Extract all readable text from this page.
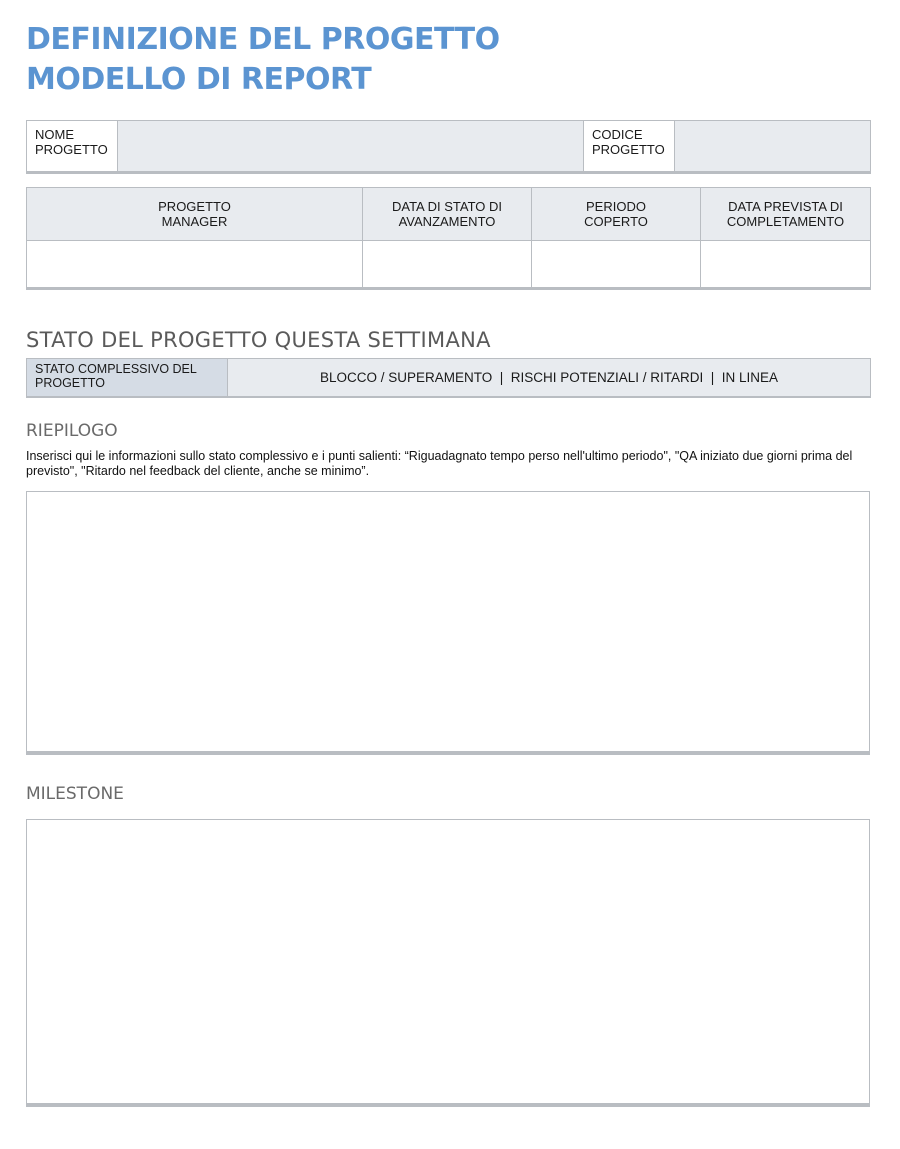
DEFINIZIONE DEL PROGETTO
MODELLO DI REPORT
NOME PROGETTO		CODICE PROGETTO	
PROGETTO MANAGER	DATA DI STATO DI AVANZAMENTO	PERIODO COPERTO	DATA PREVISTA DI COMPLETAMENTO

STATO DEL PROGETTO QUESTA SETTIMANA
STATO COMPLESSIVO DEL PROGETTO	BLOCCO / SUPERAMENTO  |  RISCHI POTENZIALI / RITARDI  |  IN LINEA
RIEPILOGO

Inserisci qui le informazioni sullo stato complessivo e i punti salienti: “Riguadagnato tempo perso nell'ultimo periodo", "QA iniziato due giorni prima del previsto", "Ritardo nel feedback del cliente, anche se minimo”.

MILESTONE
